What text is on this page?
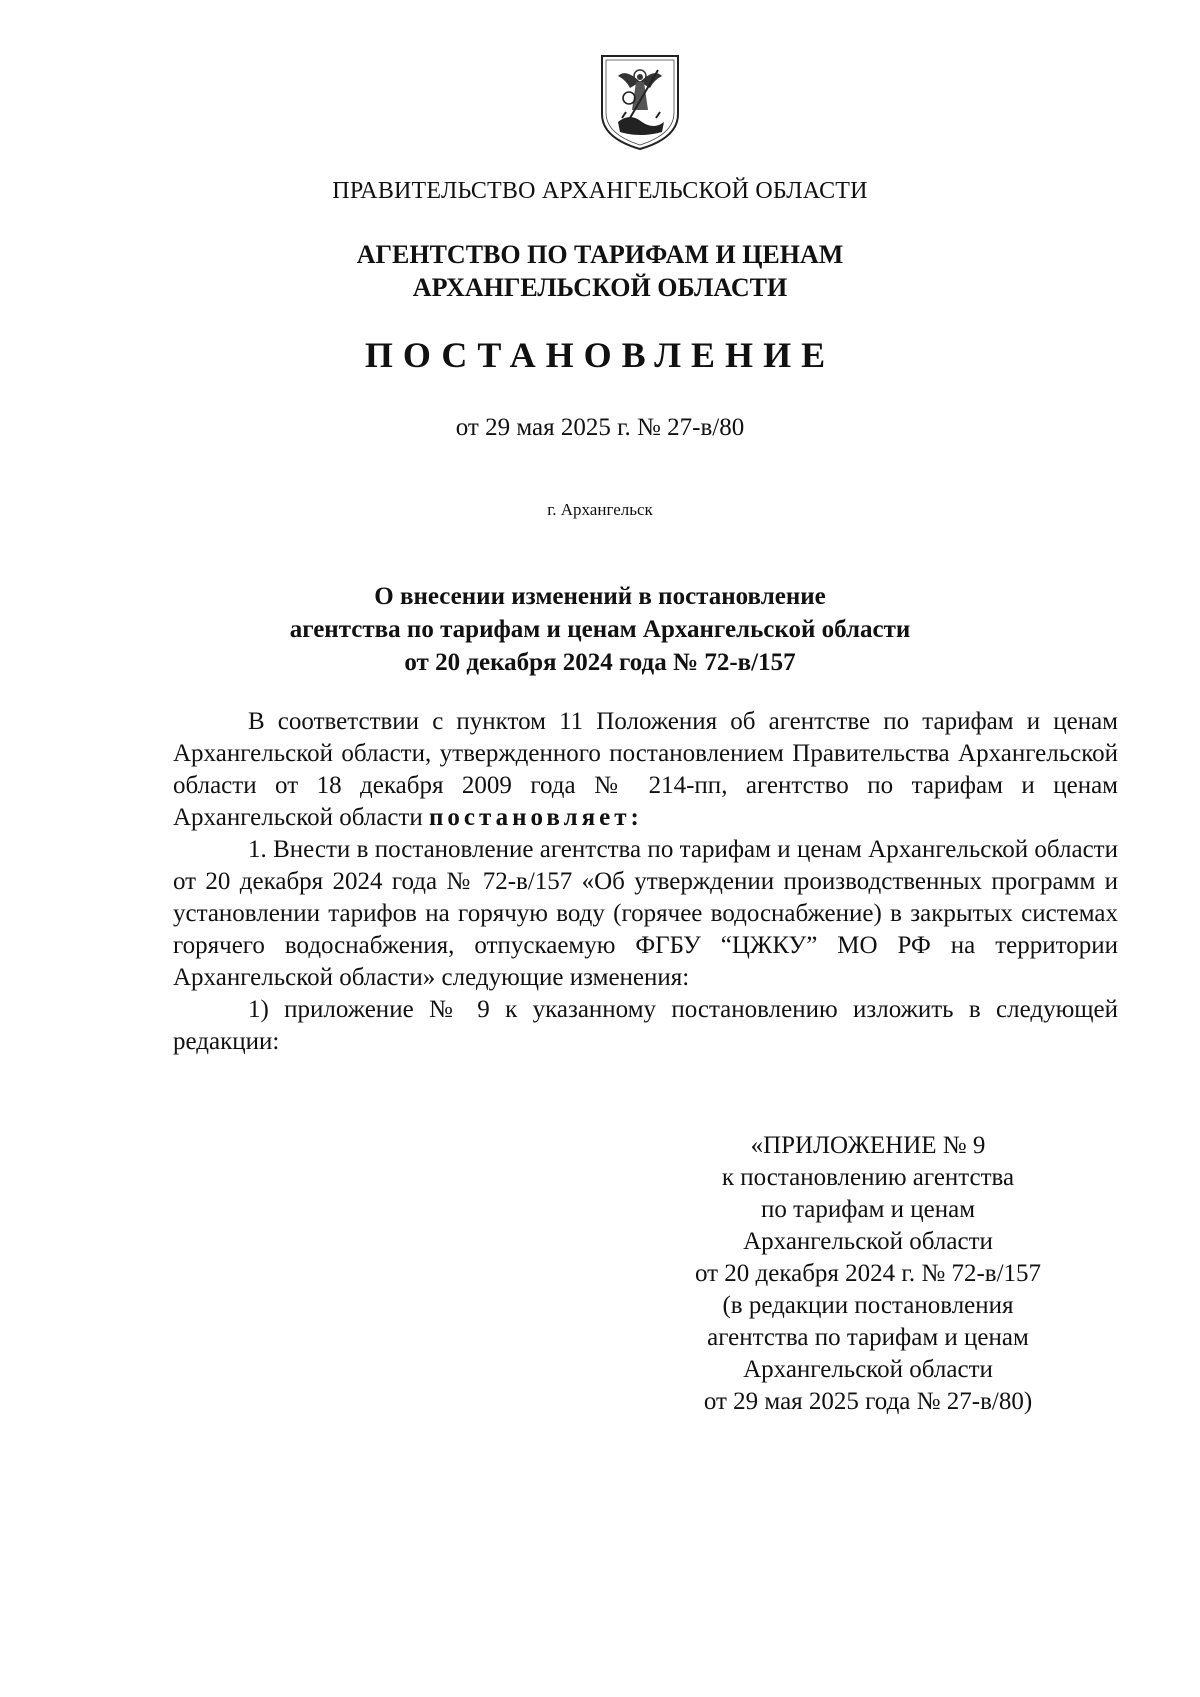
ПРАВИТЕЛЬСТВО АРХАНГЕЛЬСКОЙ ОБЛАСТИ
АГЕНТСТВО ПО ТАРИФАМ И ЦЕНАМ
АРХАНГЕЛЬСКОЙ ОБЛАСТИ
ПОСТАНОВЛЕНИЕ
от 29 мая 2025 г. № 27-в/80
г. Архангельск
О внесении изменений в постановление
агентства по тарифам и ценам Архангельской области
от 20 декабря 2024 года № 72-в/157

В соответствии с пунктом 11 Положения об агентстве по тарифам и ценам Архангельской области, утвержденного постановлением Правительства Архангельской области от 18 декабря 2009 года № 214-пп, агентство по тарифам и ценам Архангельской области постановляет:

1. Внести в постановление агентства по тарифам и ценам Архангельской области от 20 декабря 2024 года № 72-в/157 «Об утверждении производственных программ и установлении тарифов на горячую воду (горячее водоснабжение) в закрытых системах горячего водоснабжения, отпускаемую ФГБУ “ЦЖКУ” МО РФ на территории Архангельской области» следующие изменения:

1) приложение № 9 к указанному постановлению изложить в следующей редакции:

«ПРИЛОЖЕНИЕ № 9
к постановлению агентства
по тарифам и ценам
Архангельской области
от 20 декабря 2024 г. № 72-в/157
(в редакции постановления
агентства по тарифам и ценам
Архангельской области
от 29 мая 2025 года № 27-в/80)
